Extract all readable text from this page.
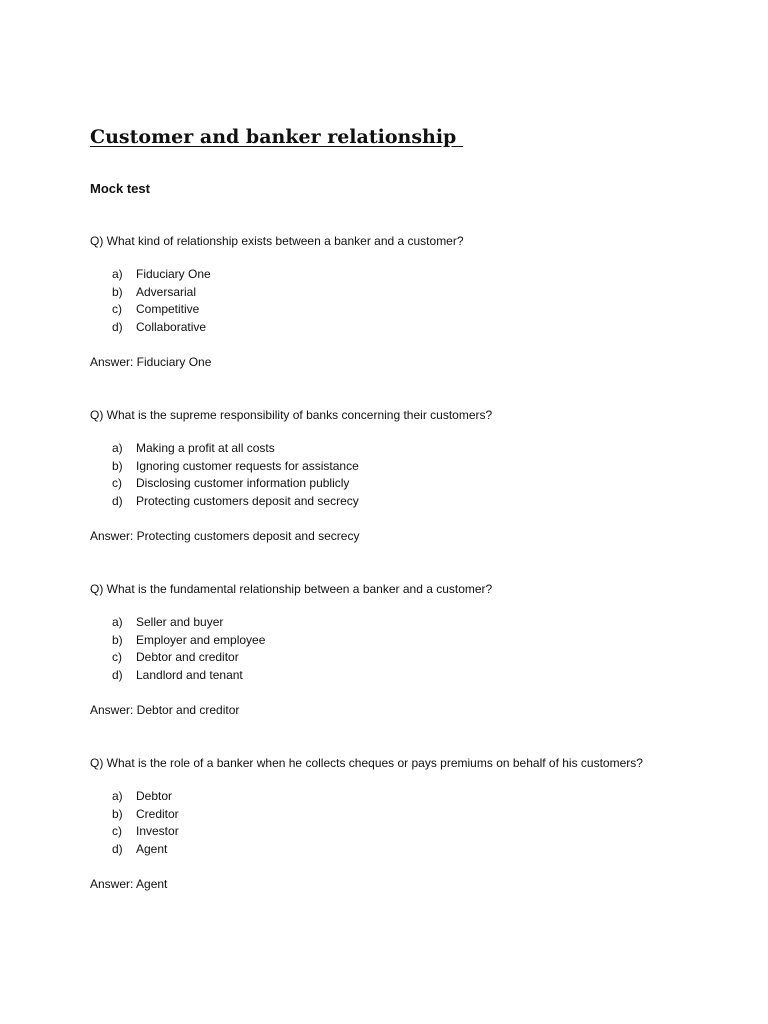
Customer and banker relationship

Mock test

Q) What kind of relationship exists between a banker and a customer?

a)	Fiduciary One
b)	Adversarial
c)	Competitive
d)	Collaborative

Answer: Fiduciary One

Q) What is the supreme responsibility of banks concerning their customers?

a)	Making a profit at all costs
b)	Ignoring customer requests for assistance
c)	Disclosing customer information publicly
d)	Protecting customers deposit and secrecy

Answer: Protecting customers deposit and secrecy

Q) What is the fundamental relationship between a banker and a customer?

a)	Seller and buyer
b)	Employer and employee
c)	Debtor and creditor
d)	Landlord and tenant

Answer: Debtor and creditor

Q) What is the role of a banker when he collects cheques or pays premiums on behalf of his customers?

a)	Debtor
b)	Creditor
c)	Investor
d)	Agent

Answer: Agent
